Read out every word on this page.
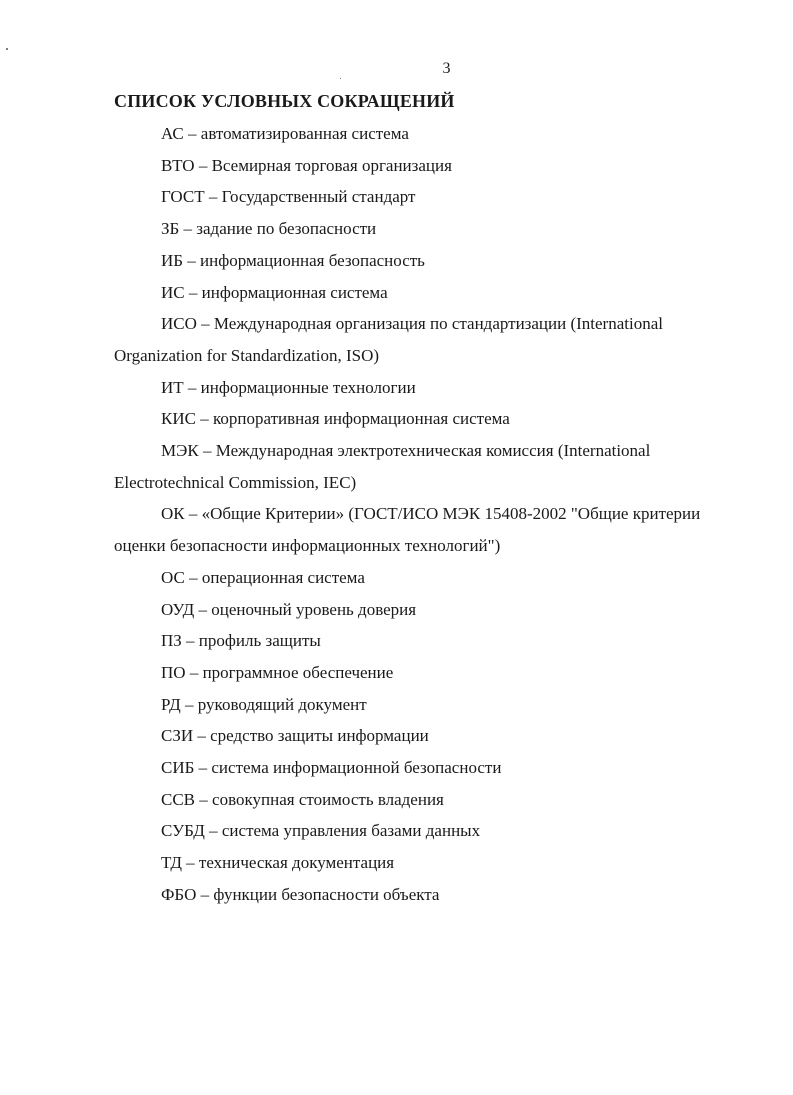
3
СПИСОК УСЛОВНЫХ СОКРАЩЕНИЙ

АС – автоматизированная система

ВТО – Всемирная торговая организация

ГОСТ – Государственный стандарт

ЗБ – задание по безопасности

ИБ – информационная безопасность

ИС – информационная система

ИСО – Международная организация по стандартизации (International Organization for Standardization, ISO)

ИТ – информационные технологии

КИС – корпоративная информационная система

МЭК – Международная электротехническая комиссия (International Electrotechnical Commission, IEC)

ОК – «Общие Критерии» (ГОСТ/ИСО МЭК 15408-2002 "Общие критерии оценки безопасности информационных технологий")

ОС – операционная система

ОУД – оценочный уровень доверия

ПЗ – профиль защиты

ПО – программное обеспечение

РД – руководящий документ

СЗИ – средство защиты информации

СИБ – система информационной безопасности

ССВ – совокупная стоимость владения

СУБД – система управления базами данных

ТД – техническая документация

ФБО – функции безопасности объекта
